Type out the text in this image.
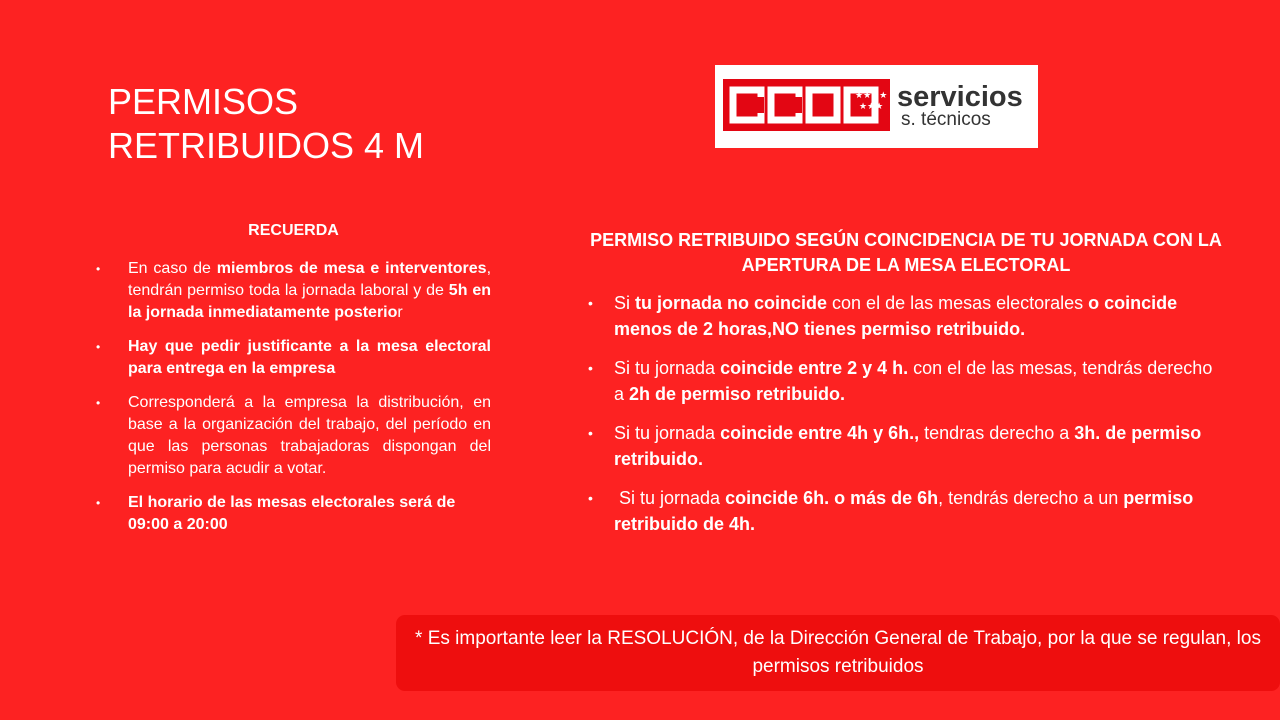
PERMISOS
RETRIBUIDOS 4 M
★★★★
★★★ servicios
s. técnicos

RECUERDA

•	En caso de miembros de mesa e interventores, tendrán permiso toda la jornada laboral y de 5h en la jornada inmediatamente posterior
•	Hay que pedir justificante a la mesa electoral para entrega en la empresa
•	Corresponderá a la empresa la distribución, en base a la organización del trabajo, del período en que las personas trabajadoras dispongan del permiso para acudir a votar.
•	El horario de las mesas electorales será de 09:00 a 20:00

PERMISO RETRIBUIDO SEGÚN COINCIDENCIA DE TU JORNADA CON LA APERTURA DE LA MESA ELECTORAL

• Si tu jornada no coincide con el de las mesas electorales o coincide menos de 2 horas,NO tienes permiso retribuido.
• Si tu jornada coincide entre 2 y 4 h. con el de las mesas, tendrás derecho a 2h de permiso retribuido.
• Si tu jornada coincide entre 4h y 6h., tendras derecho a 3h. de permiso retribuido.
• Si tu jornada coincide 6h. o más de 6h, tendrás derecho a un permiso retribuido de 4h.
* Es importante leer la RESOLUCIÓN, de la Dirección General de Trabajo, por la que se regulan, los permisos retribuidos
